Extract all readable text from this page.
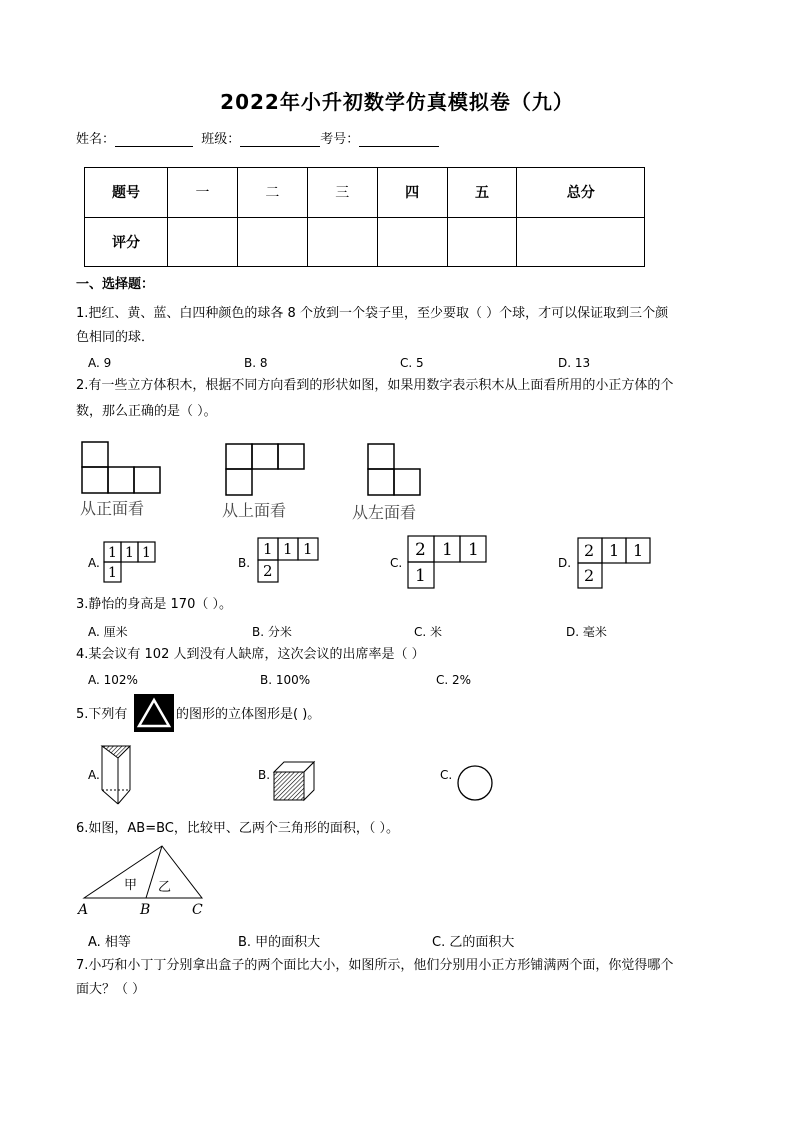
2022年小升初数学仿真模拟卷（九）
姓名：	班级：	考号：
题号	一	二	三	四	五	总分
评分						
一、选择题：
1.把红、黄、蓝、白四种颜色的球各 8 个放到一个袋子里，至少要取（ ）个球，才可以保证取到三个颜
色相同的球．
A. 9	B. 8	C. 5	D. 13
2.有一些立方体积木，根据不同方向看到的形状如图，如果用数字表示积木从上面看所用的小正方体的个
数，那么正确的是（ ）。
从正面看	从上面看	从左面看
A.
1 1 1
1
B.
1 1 1
2	C.
2 1 1
1
D.
2 1 1
2
3.静怡的身高是 170（ ）。
A. 厘米	B. 分米	C. 米	D. 毫米
4.某会议有 102 人到没有人缺席，这次会议的出席率是（ ）
A. 102%	B. 100%	C. 2%
5.下列有	的图形的立体图形是( )。
A.	B.	C.
6.如图，AB=BC，比较甲、乙两个三角形的面积，（ ）。
甲 乙
A	B	C
A. 相等	B. 甲的面积大	C. 乙的面积大
7.小巧和小丁丁分别拿出盒子的两个面比大小，如图所示，他们分别用小正方形铺满两个面，你觉得哪个
面大？（ ）
